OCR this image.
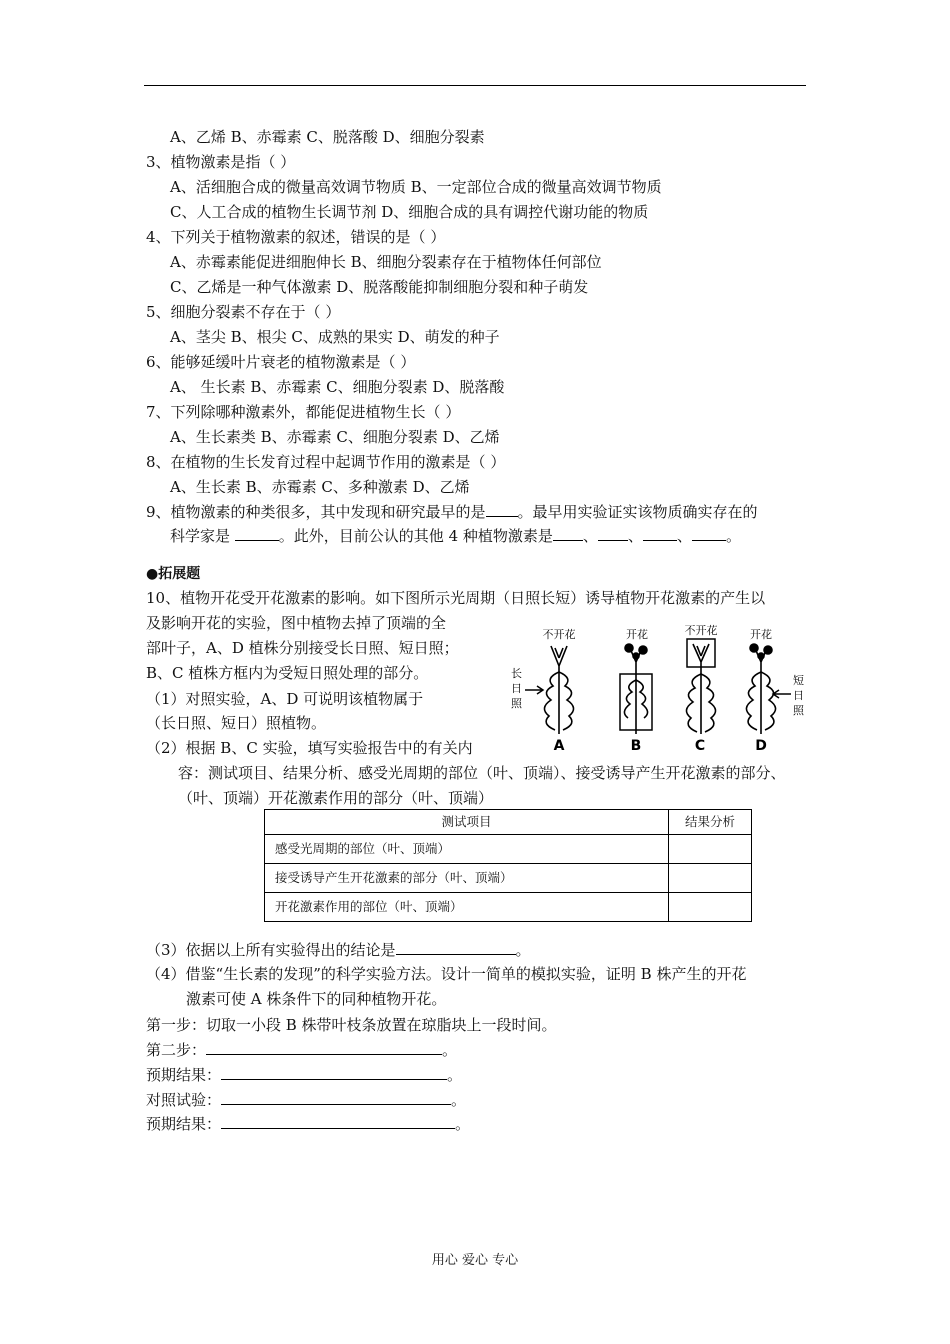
A、乙烯 B、赤霉素 C、脱落酸 D、细胞分裂素
3、植物激素是指（ ）
A、活细胞合成的微量高效调节物质 B、一定部位合成的微量高效调节物质
C、人工合成的植物生长调节剂 D、细胞合成的具有调控代谢功能的物质
4、下列关于植物激素的叙述，错误的是（ ）
A、赤霉素能促进细胞伸长 B、细胞分裂素存在于植物体任何部位
C、乙烯是一种气体激素 D、脱落酸能抑制细胞分裂和种子萌发
5、细胞分裂素不存在于（ ）
A、茎尖 B、根尖 C、成熟的果实 D、萌发的种子
6、能够延缓叶片衰老的植物激素是（ ）
A、 生长素 B、赤霉素 C、细胞分裂素 D、脱落酸
7、下列除哪种激素外，都能促进植物生长（ ）
A、生长素类 B、赤霉素 C、细胞分裂素 D、乙烯
8、在植物的生长发育过程中起调节作用的激素是（ ）
A、生长素 B、赤霉素 C、多种激素 D、乙烯
9、植物激素的种类很多，其中发现和研究最早的是 。最早用实验证实该物质确实存在的
科学家是	。此外，目前公认的其他 4 种植物激素是 、 、 、 。
●拓展题
10、植物开花受开花激素的影响。如下图所示光周期（日照长短）诱导植物开花激素的产生以
及影响开花的实验，图中植物去掉了顶端的全
部叶子，A、D 植株分别接受长日照、短日照；
B、C 植株方框内为受短日照处理的部分。
（1）对照实验，A、D 可说明该植物属于
（长日照、短日）照植物。
（2）根据 B、C 实验，填写实验报告中的有关内
容：测试项目、结果分析、感受光周期的部位（叶、顶端）、接受诱导产生开花激素的部分、
（叶、顶端）开花激素作用的部分（叶、顶端）
不开花	开花	不开花	开花
长
日
照
短
日
照
A	B	C	D
测试项目	结果分析
感受光周期的部位（叶、顶端）	
接受诱导产生开花激素的部分（叶、顶端）	
开花激素作用的部位（叶、顶端）	
（3）依据以上所有实验得出的结论是	。
（4）借鉴“生长素的发现”的科学实验方法。设计一简单的模拟实验，证明 B 株产生的开花
激素可使 A 株条件下的同种植物开花。
第一步：切取一小段 B 株带叶枝条放置在琼脂块上一段时间。
第二步：	。
预期结果：	。
对照试验：	。
预期结果：	。
用心 爱心 专心
